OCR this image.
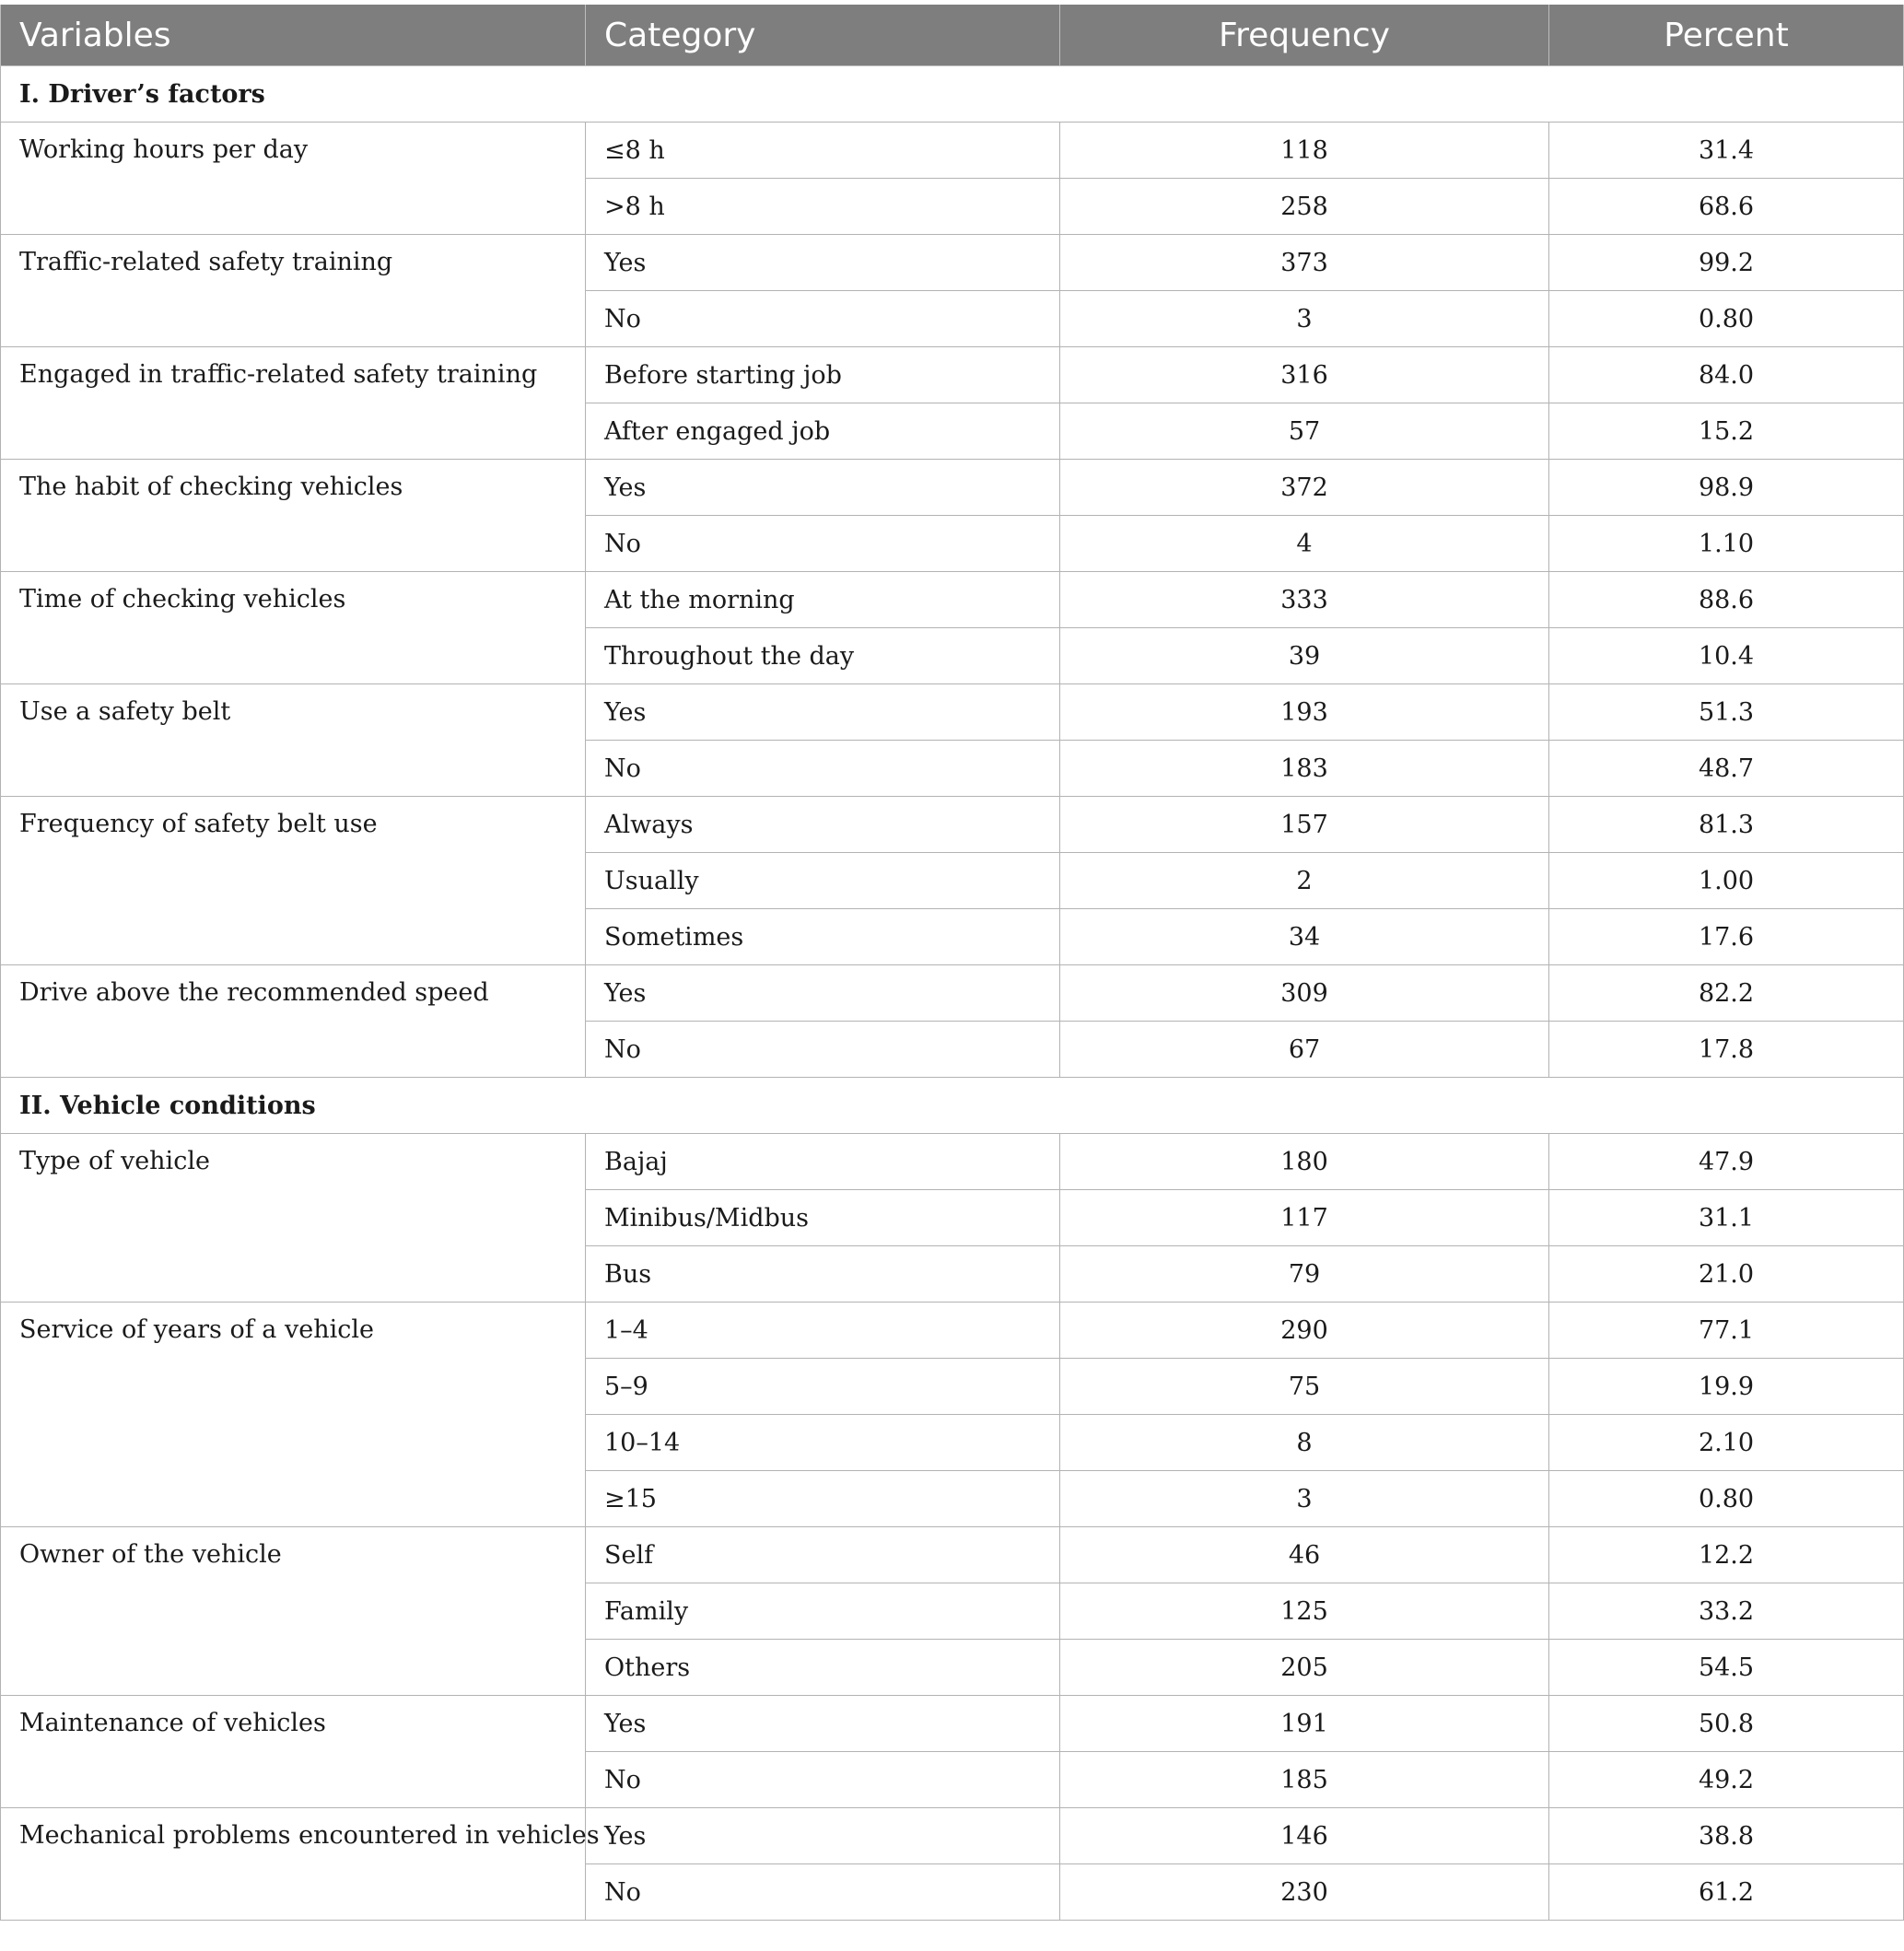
Variables	Category	Frequency	Percent
I. Driver’s factors			
Working hours per day	≤8 h	118	31.4
	>8 h	258	68.6
Traffic-related safety training	Yes	373	99.2
	No	3	0.80
Engaged in traffic-related safety training	Before starting job	316	84.0
	After engaged job	57	15.2
The habit of checking vehicles	Yes	372	98.9
	No	4	1.10
Time of checking vehicles	At the morning	333	88.6
	Throughout the day	39	10.4
Use a safety belt	Yes	193	51.3
	No	183	48.7
Frequency of safety belt use	Always	157	81.3
	Usually	2	1.00
	Sometimes	34	17.6
Drive above the recommended speed	Yes	309	82.2
	No	67	17.8
II. Vehicle conditions			
Type of vehicle	Bajaj	180	47.9
	Minibus/Midbus	117	31.1
	Bus	79	21.0
Service of years of a vehicle	1–4	290	77.1
	5–9	75	19.9
	10–14	8	2.10
	≥15	3	0.80
Owner of the vehicle	Self	46	12.2
	Family	125	33.2
	Others	205	54.5
Maintenance of vehicles	Yes	191	50.8
	No	185	49.2
Mechanical problems encountered in vehicles	Yes	146	38.8
	No	230	61.2
